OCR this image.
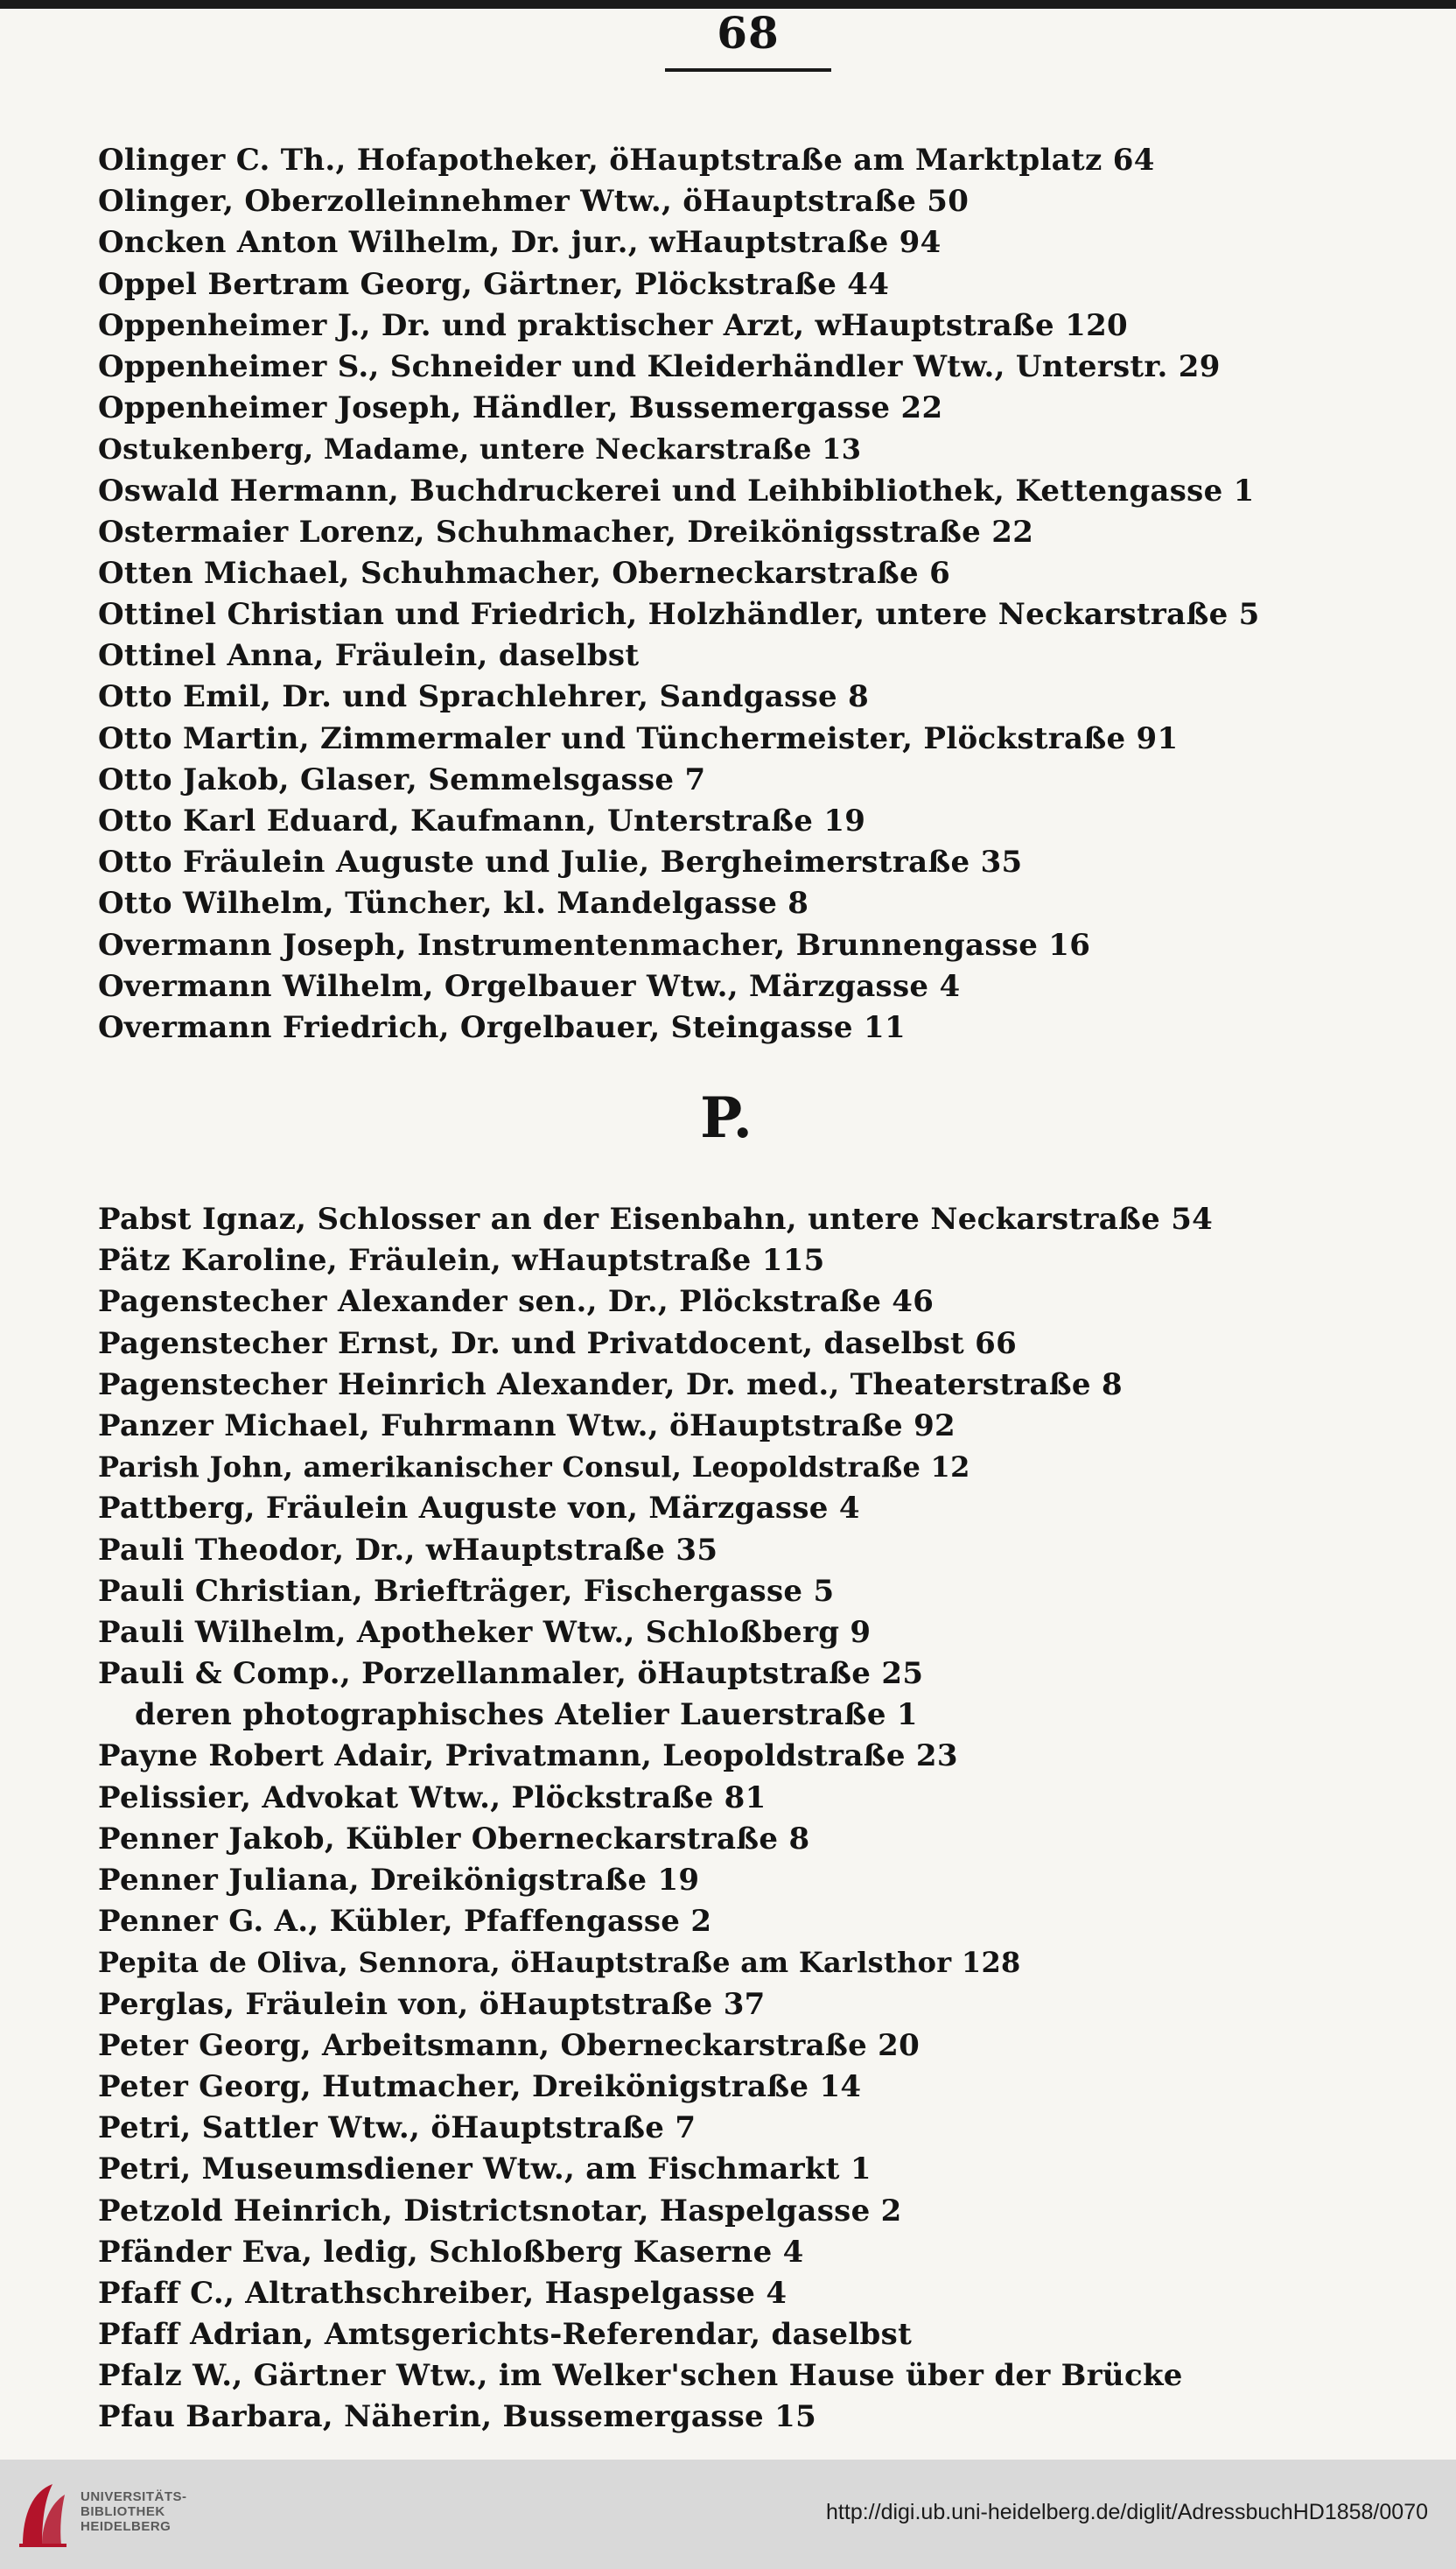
68
Olinger C. Th., Hofapotheker, öHauptstraße am Marktplatz 64
Olinger, Oberzolleinnehmer Wtw., öHauptstraße 50
Oncken Anton Wilhelm, Dr. jur., wHauptstraße 94
Oppel Bertram Georg, Gärtner, Plöckstraße 44
Oppenheimer J., Dr. und praktischer Arzt, wHauptstraße 120
Oppenheimer S., Schneider und Kleiderhändler Wtw., Unterstr. 29
Oppenheimer Joseph, Händler, Bussemergasse 22
Ostukenberg, Madame, untere Neckarstraße 13
Oswald Hermann, Buchdruckerei und Leihbibliothek, Kettengasse 1
Ostermaier Lorenz, Schuhmacher, Dreikönigsstraße 22
Otten Michael, Schuhmacher, Oberneckarstraße 6
Ottinel Christian und Friedrich, Holzhändler, untere Neckarstraße 5
Ottinel Anna, Fräulein, daselbst
Otto Emil, Dr. und Sprachlehrer, Sandgasse 8
Otto Martin, Zimmermaler und Tünchermeister, Plöckstraße 91
Otto Jakob, Glaser, Semmelsgasse 7
Otto Karl Eduard, Kaufmann, Unterstraße 19
Otto Fräulein Auguste und Julie, Bergheimerstraße 35
Otto Wilhelm, Tüncher, kl. Mandelgasse 8
Overmann Joseph, Instrumentenmacher, Brunnengasse 16
Overmann Wilhelm, Orgelbauer Wtw., Märzgasse 4
Overmann Friedrich, Orgelbauer, Steingasse 11
P.
Pabst Ignaz, Schlosser an der Eisenbahn, untere Neckarstraße 54
Pätz Karoline, Fräulein, wHauptstraße 115
Pagenstecher Alexander sen., Dr., Plöckstraße 46
Pagenstecher Ernst, Dr. und Privatdocent, daselbst 66
Pagenstecher Heinrich Alexander, Dr. med., Theaterstraße 8
Panzer Michael, Fuhrmann Wtw., öHauptstraße 92
Parish John, amerikanischer Consul, Leopoldstraße 12
Pattberg, Fräulein Auguste von, Märzgasse 4
Pauli Theodor, Dr., wHauptstraße 35
Pauli Christian, Briefträger, Fischergasse 5
Pauli Wilhelm, Apotheker Wtw., Schloßberg 9
Pauli & Comp., Porzellanmaler, öHauptstraße 25
deren photographisches Atelier Lauerstraße 1
Payne Robert Adair, Privatmann, Leopoldstraße 23
Pelissier, Advokat Wtw., Plöckstraße 81
Penner Jakob, Kübler Oberneckarstraße 8
Penner Juliana, Dreikönigstraße 19
Penner G. A., Kübler, Pfaffengasse 2
Pepita de Oliva, Sennora, öHauptstraße am Karlsthor 128
Perglas, Fräulein von, öHauptstraße 37
Peter Georg, Arbeitsmann, Oberneckarstraße 20
Peter Georg, Hutmacher, Dreikönigstraße 14
Petri, Sattler Wtw., öHauptstraße 7
Petri, Museumsdiener Wtw., am Fischmarkt 1
Petzold Heinrich, Districtsnotar, Haspelgasse 2
Pfänder Eva, ledig, Schloßberg Kaserne 4
Pfaff C., Altrathschreiber, Haspelgasse 4
Pfaff Adrian, Amtsgerichts-Referendar, daselbst
Pfalz W., Gärtner Wtw., im Welker'schen Hause über der Brücke
Pfau Barbara, Näherin, Bussemergasse 15
UNIVERSITÄTS-
BIBLIOTHEK
HEIDELBERG
http://digi.ub.uni-heidelberg.de/diglit/AdressbuchHD1858/0070
